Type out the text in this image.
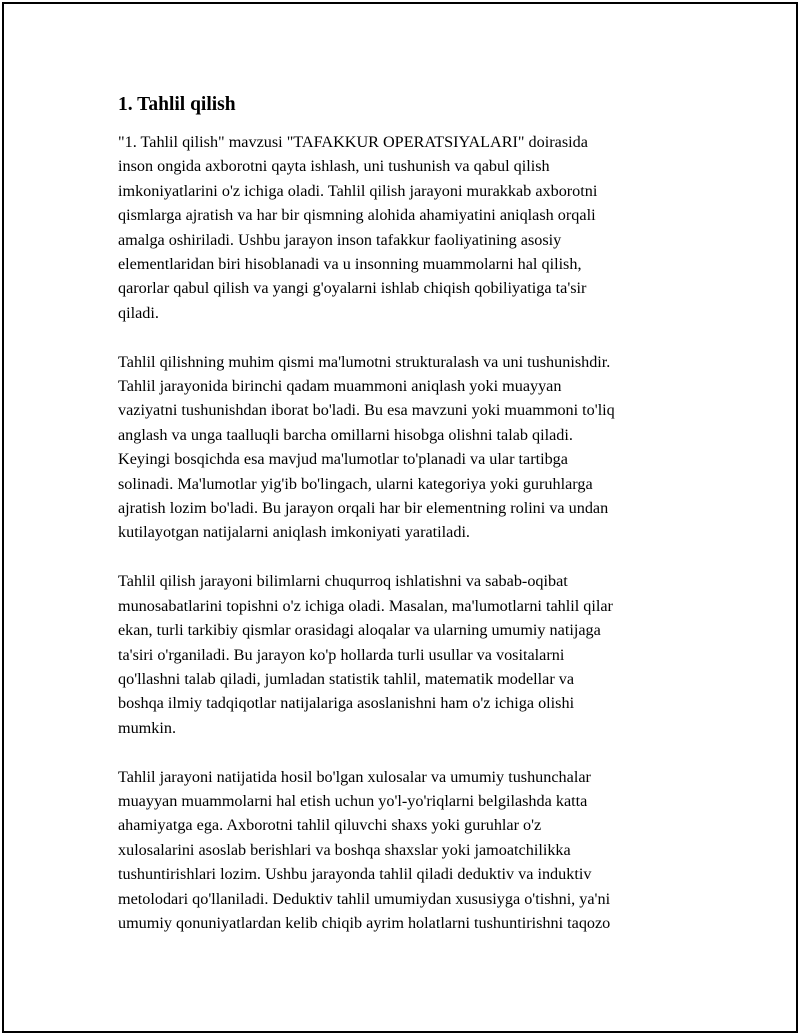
1. Tahlil qilish

"1. Tahlil qilish" mavzusi "TAFAKKUR OPERATSIYALARI" doirasida
inson ongida axborotni qayta ishlash, uni tushunish va qabul qilish
imkoniyatlarini o'z ichiga oladi. Tahlil qilish jarayoni murakkab axborotni
qismlarga ajratish va har bir qismning alohida ahamiyatini aniqlash orqali
amalga oshiriladi. Ushbu jarayon inson tafakkur faoliyatining asosiy
elementlaridan biri hisoblanadi va u insonning muammolarni hal qilish,
qarorlar qabul qilish va yangi g'oyalarni ishlab chiqish qobiliyatiga ta'sir
qiladi.

Tahlil qilishning muhim qismi ma'lumotni strukturalash va uni tushunishdir.
Tahlil jarayonida birinchi qadam muammoni aniqlash yoki muayyan
vaziyatni tushunishdan iborat bo'ladi. Bu esa mavzuni yoki muammoni to'liq
anglash va unga taalluqli barcha omillarni hisobga olishni talab qiladi.
Keyingi bosqichda esa mavjud ma'lumotlar to'planadi va ular tartibga
solinadi. Ma'lumotlar yig'ib bo'lingach, ularni kategoriya yoki guruhlarga
ajratish lozim bo'ladi. Bu jarayon orqali har bir elementning rolini va undan
kutilayotgan natijalarni aniqlash imkoniyati yaratiladi.

Tahlil qilish jarayoni bilimlarni chuqurroq ishlatishni va sabab-oqibat
munosabatlarini topishni o'z ichiga oladi. Masalan, ma'lumotlarni tahlil qilar
ekan, turli tarkibiy qismlar orasidagi aloqalar va ularning umumiy natijaga
ta'siri o'rganiladi. Bu jarayon ko'p hollarda turli usullar va vositalarni
qo'llashni talab qiladi, jumladan statistik tahlil, matematik modellar va
boshqa ilmiy tadqiqotlar natijalariga asoslanishni ham o'z ichiga olishi
mumkin.

Tahlil jarayoni natijatida hosil bo'lgan xulosalar va umumiy tushunchalar
muayyan muammolarni hal etish uchun yo'l-yo'riqlarni belgilashda katta
ahamiyatga ega. Axborotni tahlil qiluvchi shaxs yoki guruhlar o'z
xulosalarini asoslab berishlari va boshqa shaxslar yoki jamoatchilikka
tushuntirishlari lozim. Ushbu jarayonda tahlil qiladi deduktiv va induktiv
metolodari qo'llaniladi. Deduktiv tahlil umumiydan xususiyga o'tishni, ya'ni
umumiy qonuniyatlardan kelib chiqib ayrim holatlarni tushuntirishni taqozo
